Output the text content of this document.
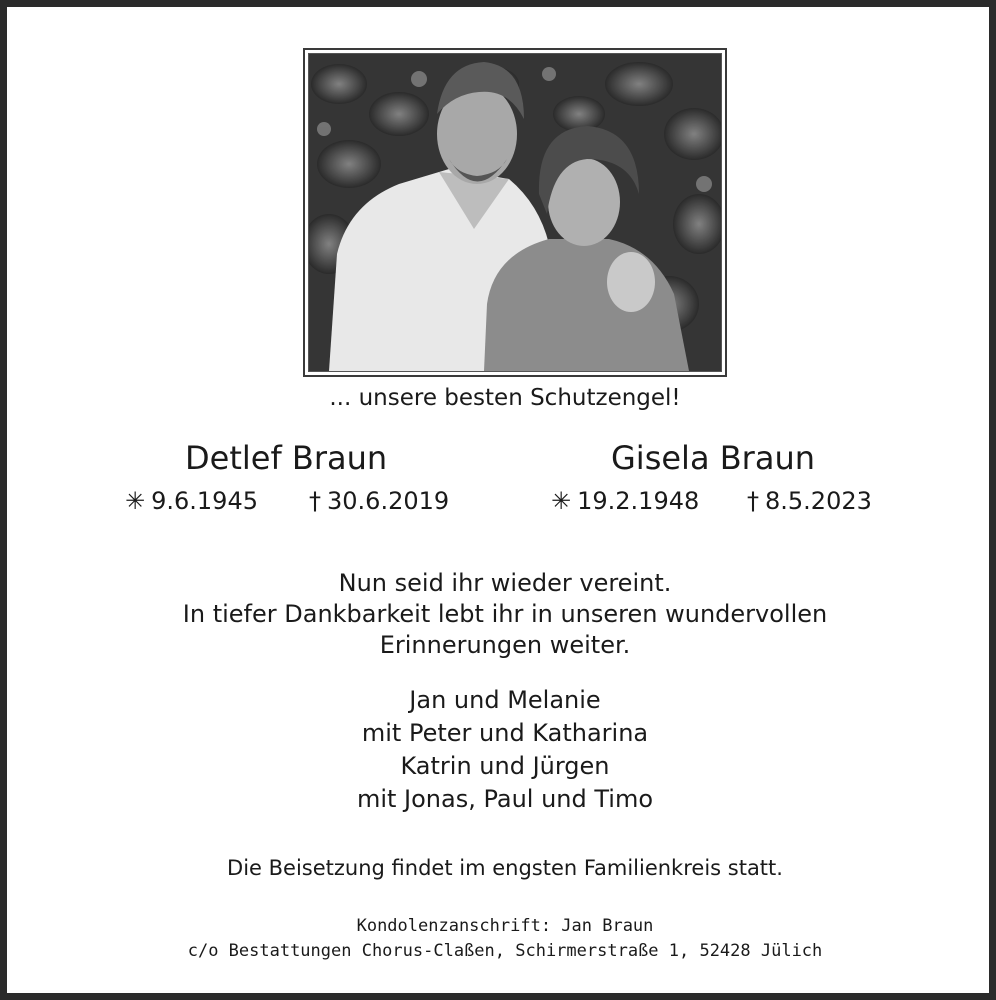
... unsere besten Schutzengel!
Detlef Braun	Gisela Braun
✳ 9.6.1945 † 30.6.2019	✳ 19.2.1948 † 8.5.2023
Nun seid ihr wieder vereint.
In tiefer Dankbarkeit lebt ihr in unseren wundervollen
Erinnerungen weiter.
Jan und Melanie
mit Peter und Katharina
Katrin und Jürgen
mit Jonas, Paul und Timo
Die Beisetzung findet im engsten Familienkreis statt.
Kondolenzanschrift: Jan Braun
c/o Bestattungen Chorus-Claßen, Schirmerstraße 1, 52428 Jülich
